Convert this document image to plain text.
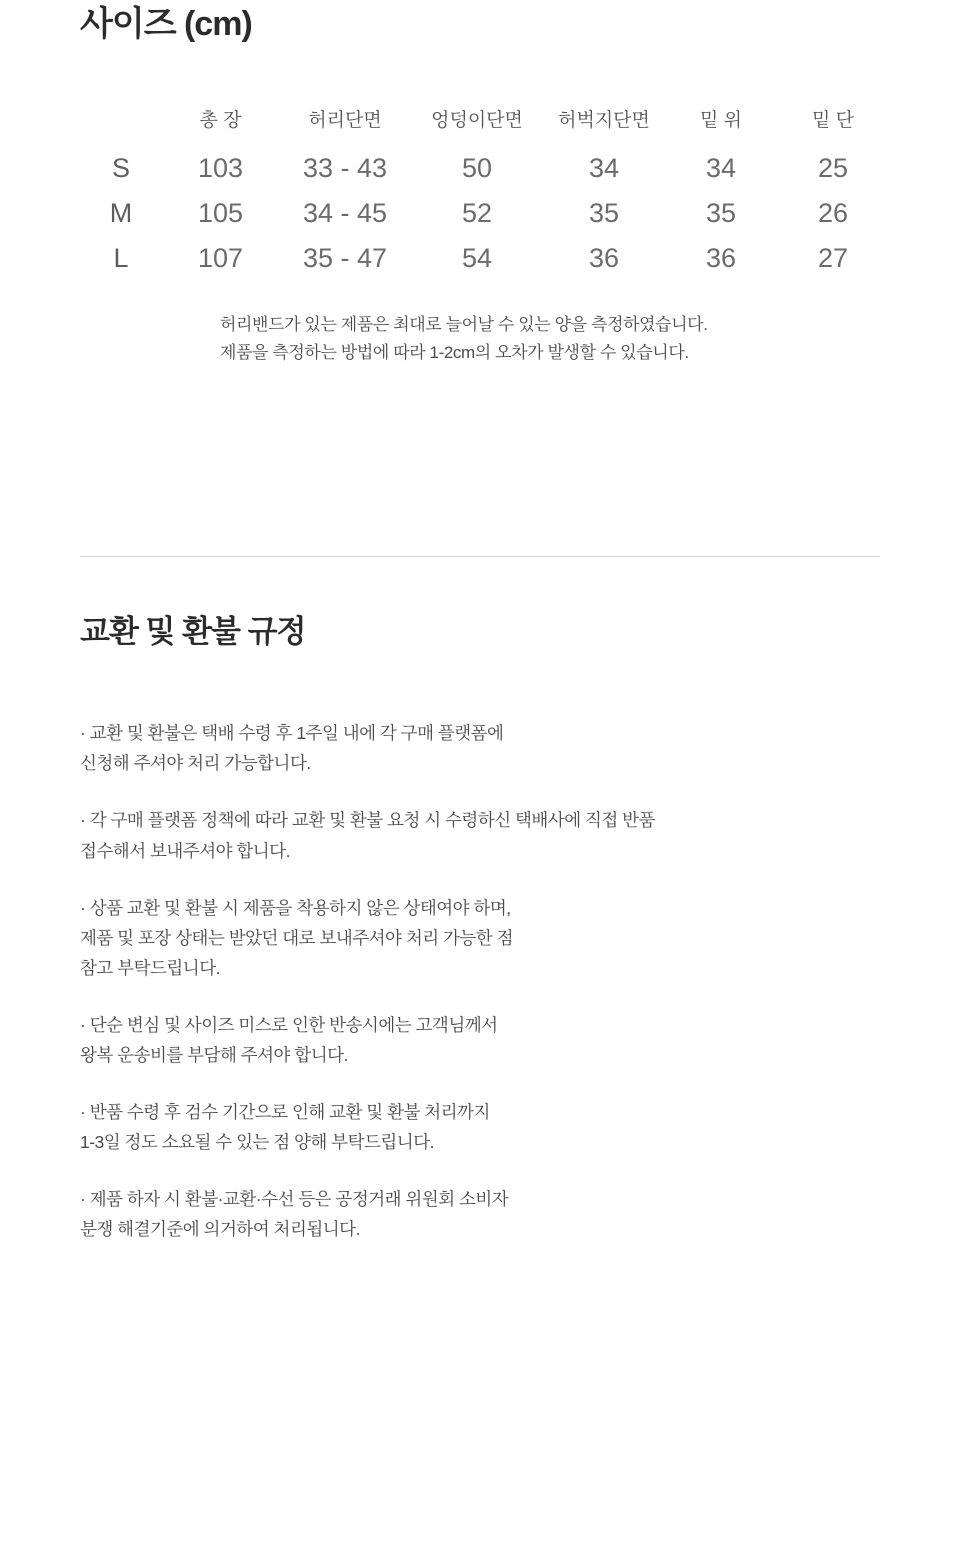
사이즈 (cm)
	총 장	허리단면	엉덩이단면	허벅지단면	밑 위	밑 단
S	103	33 - 43	50	34	34	25
M	105	34 - 45	52	35	35	26
L	107	35 - 47	54	36	36	27
허리밴드가 있는 제품은 최대로 늘어날 수 있는 양을 측정하였습니다.
제품을 측정하는 방법에 따라 1-2cm의 오차가 발생할 수 있습니다.
교환 및 환불 규정
· 교환 및 환불은 택배 수령 후 1주일 내에 각 구매 플랫폼에
신청해 주셔야 처리 가능합니다.
· 각 구매 플랫폼 정책에 따라 교환 및 환불 요청 시 수령하신 택배사에 직접 반품
접수해서 보내주셔야 합니다.
· 상품 교환 및 환불 시 제품을 착용하지 않은 상태여야 하며,
제품 및 포장 상태는 받았던 대로 보내주셔야 처리 가능한 점
참고 부탁드립니다.
· 단순 변심 및 사이즈 미스로 인한 반송시에는 고객님께서
왕복 운송비를 부담해 주셔야 합니다.
· 반품 수령 후 검수 기간으로 인해 교환 및 환불 처리까지
1-3일 정도 소요될 수 있는 점 양해 부탁드립니다.
· 제품 하자 시 환불·교환·수선 등은 공정거래 위원회 소비자
분쟁 해결기준에 의거하여 처리됩니다.
